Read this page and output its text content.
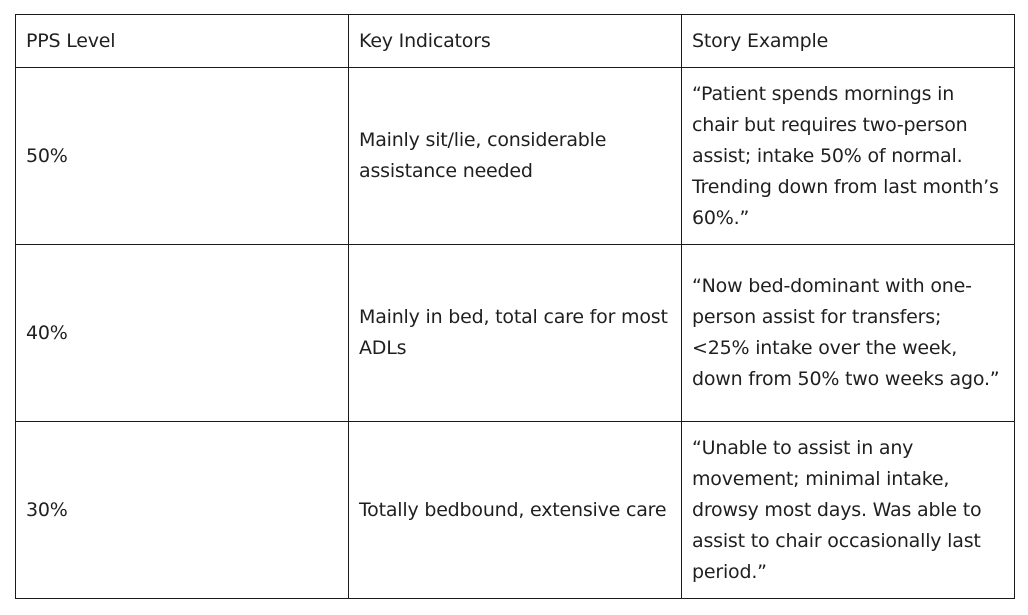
PPS Level	Key Indicators	Story Example
50%	Mainly sit/lie, considerable assistance needed	“Patient spends mornings in chair but requires two-person assist; intake 50% of normal. Trending down from last month’s 60%.”
40%	Mainly in bed, total care for most ADLs	“Now bed-dominant with one-person assist for transfers; <25% intake over the week, down from 50% two weeks ago.”
30%	Totally bedbound, extensive care	“Unable to assist in any movement; minimal intake, drowsy most days. Was able to assist to chair occasionally last period.”
